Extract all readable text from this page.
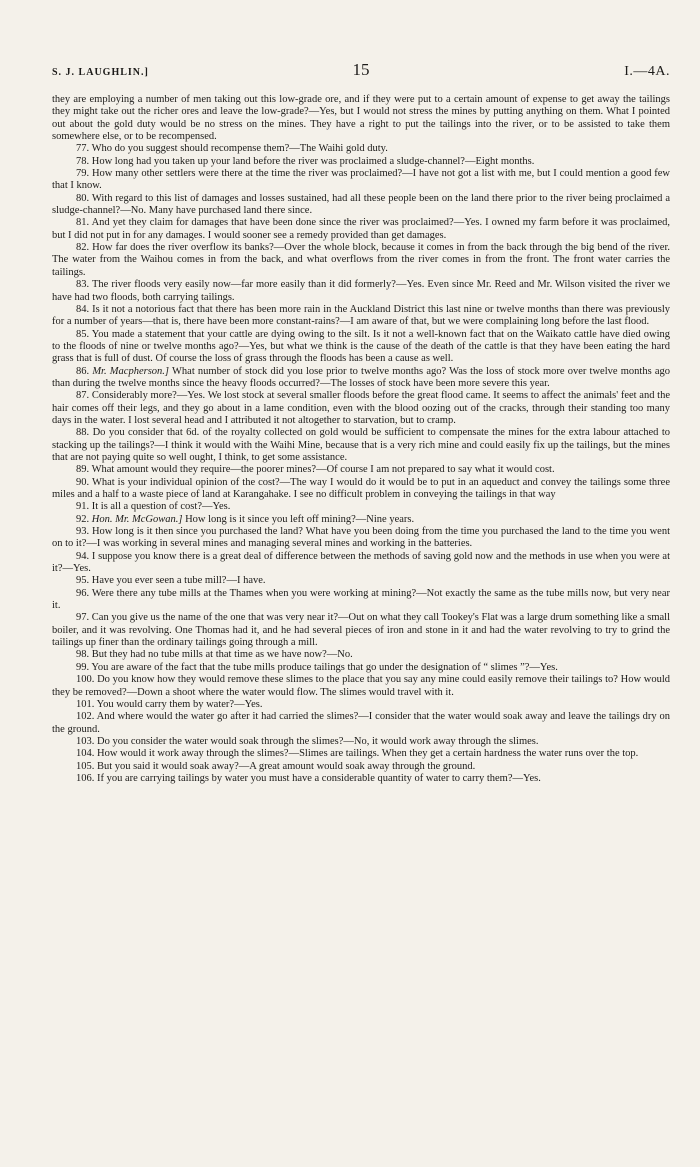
S. J. LAUGHLIN.]	15	I.—4A.

they are employing a number of men taking out this low-grade ore, and if they were put to a certain amount of expense to get away the tailings they might take out the richer ores and leave the low-grade?—Yes, but I would not stress the mines by putting anything on them. What I pointed out about the gold duty would be no stress on the mines. They have a right to put the tailings into the river, or to be assisted to take them somewhere else, or to be recompensed.

77. Who do you suggest should recompense them?—The Waihi gold duty.

78. How long had you taken up your land before the river was proclaimed a sludge-channel?—Eight months.

79. How many other settlers were there at the time the river was proclaimed?—I have not got a list with me, but I could mention a good few that I know.

80. With regard to this list of damages and losses sustained, had all these people been on the land there prior to the river being proclaimed a sludge-channel?—No. Many have purchased land there since.

81. And yet they claim for damages that have been done since the river was proclaimed?—Yes. I owned my farm before it was proclaimed, but I did not put in for any damages. I would sooner see a remedy provided than get damages.

82. How far does the river overflow its banks?—Over the whole block, because it comes in from the back through the big bend of the river. The water from the Waihou comes in from the back, and what overflows from the river comes in from the front. The front water carries the tailings.

83. The river floods very easily now—far more easily than it did formerly?—Yes. Even since Mr. Reed and Mr. Wilson visited the river we have had two floods, both carrying tailings.

84. Is it not a notorious fact that there has been more rain in the Auckland District this last nine or twelve months than there was previously for a number of years—that is, there have been more constant-rains?—I am aware of that, but we were complaining long before the last flood.

85. You made a statement that your cattle are dying owing to the silt. Is it not a well-known fact that on the Waikato cattle have died owing to the floods of nine or twelve months ago?—Yes, but what we think is the cause of the death of the cattle is that they have been eating the hard grass that is full of dust. Of course the loss of grass through the floods has been a cause as well.

86. Mr. Macpherson.] What number of stock did you lose prior to twelve months ago? Was the loss of stock more over twelve months ago than during the twelve months since the heavy floods occurred?—The losses of stock have been more severe this year.

87. Considerably more?—Yes. We lost stock at several smaller floods before the great flood came. It seems to affect the animals' feet and the hair comes off their legs, and they go about in a lame condition, even with the blood oozing out of the cracks, through their standing too many days in the water. I lost several head and I attributed it not altogether to starvation, but to cramp.

88. Do you consider that 6d. of the royalty collected on gold would be sufficient to compensate the mines for the extra labour attached to stacking up the tailings?—I think it would with the Waihi Mine, because that is a very rich mine and could easily fix up the tailings, but the mines that are not paying quite so well ought, I think, to get some assistance.

89. What amount would they require—the poorer mines?—Of course I am not prepared to say what it would cost.

90. What is your individual opinion of the cost?—The way I would do it would be to put in an aqueduct and convey the tailings some three miles and a half to a waste piece of land at Karangahake. I see no difficult problem in conveying the tailings in that way

91. It is all a question of cost?—Yes.

92. Hon. Mr. McGowan.] How long is it since you left off mining?—Nine years.

93. How long is it then since you purchased the land? What have you been doing from the time you purchased the land to the time you went on to it?—I was working in several mines and managing several mines and working in the batteries.

94. I suppose you know there is a great deal of difference between the methods of saving gold now and the methods in use when you were at it?—Yes.

95. Have you ever seen a tube mill?—I have.

96. Were there any tube mills at the Thames when you were working at mining?—Not exactly the same as the tube mills now, but very near it.

97. Can you give us the name of the one that was very near it?—Out on what they call Tookey's Flat was a large drum something like a small boiler, and it was revolving. One Thomas had it, and he had several pieces of iron and stone in it and had the water revolving to try to grind the tailings up finer than the ordinary tailings going through a mill.

98. But they had no tube mills at that time as we have now?—No.

99. You are aware of the fact that the tube mills produce tailings that go under the designation of “ slimes ”?—Yes.

100. Do you know how they would remove these slimes to the place that you say any mine could easily remove their tailings to? How would they be removed?—Down a shoot where the water would flow. The slimes would travel with it.

101. You would carry them by water?—Yes.

102. And where would the water go after it had carried the slimes?—I consider that the water would soak away and leave the tailings dry on the ground.

103. Do you consider the water would soak through the slimes?—No, it would work away through the slimes.

104. How would it work away through the slimes?—Slimes are tailings. When they get a certain hardness the water runs over the top.

105. But you said it would soak away?—A great amount would soak away through the ground.

106. If you are carrying tailings by water you must have a considerable quantity of water to carry them?—Yes.
